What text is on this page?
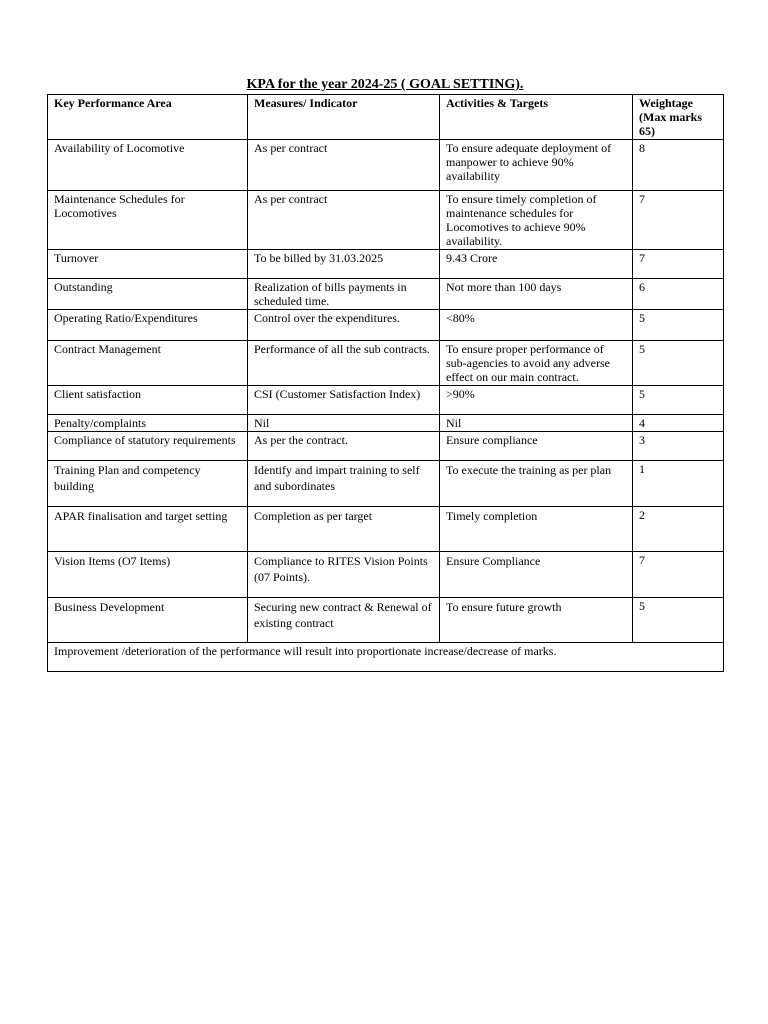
KPA for the year 2024-25 ( GOAL SETTING).
Key Performance Area	Measures/ Indicator	Activities & Targets	Weightage (Max marks 65)
Availability of Locomotive	As per contract	To ensure adequate deployment of manpower to achieve 90% availability	8
Maintenance Schedules for Locomotives	As per contract	To ensure timely completion of maintenance schedules for Locomotives to achieve 90% availability.	7
Turnover	To be billed by 31.03.2025	9.43 Crore	7
Outstanding	Realization of bills payments in scheduled time.	Not more than 100 days	6
Operating Ratio/Expenditures	Control over the expenditures.	<80%	5
Contract Management	Performance of all the sub contracts.	To ensure proper performance of sub-agencies to avoid any adverse effect on our main contract.	5
Client satisfaction	CSI (Customer Satisfaction Index)	>90%	5
Penalty/complaints	Nil	Nil	4
Compliance of statutory requirements	As per the contract.	Ensure compliance	3
Training Plan and competency building	Identify and impart training to self and subordinates	To execute the training as per plan	1
APAR finalisation and target setting	Completion as per target	Timely completion	2
Vision Items (O7 Items)	Compliance to RITES Vision Points (07 Points).	Ensure Compliance	7
Business Development	Securing new contract & Renewal of existing contract	To ensure future growth	5
Improvement /deterioration of the performance will result into proportionate increase/decrease of marks.			
